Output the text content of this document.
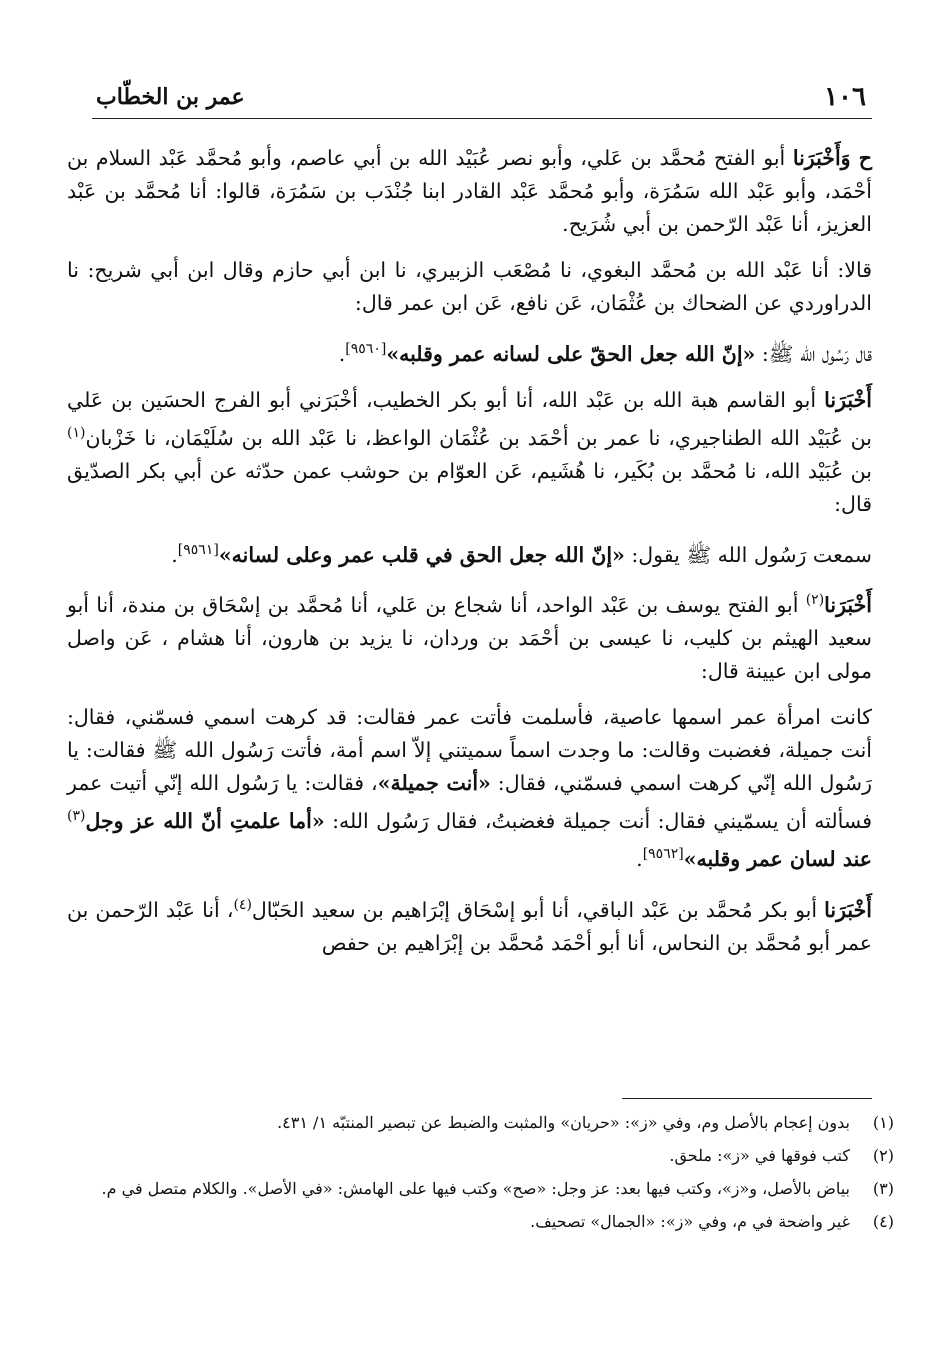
١٠٦
عمر بن الخطّاب

ح وَأَخْبَرَنا أبو الفتح مُحمَّد بن عَلي، وأبو نصر عُبَيْد الله بن أبي عاصم، وأبو مُحمَّد عَبْد السلام بن أحْمَد، وأبو عَبْد الله سَمُرَة، وأبو مُحمَّد عَبْد القادر ابنا جُنْدَب بن سَمُرَة، قالوا: أنا مُحمَّد بن عَبْد العزيز، أنا عَبْد الرّحمن بن أبي شُرَيح.

قالا: أنا عَبْد الله بن مُحمَّد البغوي، نا مُصْعَب الزبيري، نا ابن أبي حازم وقال ابن أبي شريح: نا الدراوردي عن الضحاك بن عُثْمَان، عَن نافع، عَن ابن عمر قال:

قال رَسُول الله ﷺ: «إنّ الله جعل الحقّ على لسانه عمر وقلبه»[٩٥٦٠].

أَخْبَرَنا أبو القاسم هبة الله بن عَبْد الله، أنا أبو بكر الخطيب، أخْبَرَني أبو الفرج الحسَين بن عَلي بن عُبَيْد الله الطناجيري، نا عمر بن أحْمَد بن عُثْمَان الواعظ، نا عَبْد الله بن سُلَيْمَان، نا خَزْبان$^{(١)}$ بن عُبَيْد الله، نا مُحمَّد بن بُكَير، نا هُشَيم، عَن العوّام بن حوشب عمن حدّثه عن أبي بكر الصدّيق قال:

سمعت رَسُول الله ﷺ يقول: «إنّ الله جعل الحق في قلب عمر وعلى لسانه»[٩٥٦١].

أَخْبَرَنا$^{(٢)}$ أبو الفتح يوسف بن عَبْد الواحد، أنا شجاع بن عَلي، أنا مُحمَّد بن إسْحَاق بن مندة، أنا أبو سعيد الهيثم بن كليب، نا عيسى بن أحْمَد بن وردان، نا يزيد بن هارون، أنا هشام ، عَن واصل مولى ابن عيينة قال:

كانت امرأة عمر اسمها عاصية، فأسلمت فأتت عمر فقالت: قد كرهت اسمي فسمّني، فقال: أنت جميلة، فغضبت وقالت: ما وجدت اسماً سميتني إلاّ اسم أمة، فأتت رَسُول الله ﷺ فقالت: يا رَسُول الله إنّي كرهت اسمي فسمّني، فقال: «أنت جميلة»، فقالت: يا رَسُول الله إنّي أتيت عمر فسألته أن يسمّيني فقال: أنت جميلة فغضبتُ، فقال رَسُول الله: «أما علمتِ أنّ الله عز وجل$^{(٣)}$ عند لسان عمر وقلبه»[٩٥٦٢].

أَخْبَرَنا أبو بكر مُحمَّد بن عَبْد الباقي، أنا أبو إسْحَاق إبْرَاهيم بن سعيد الحَبّال$^{(٤)}$، أنا عَبْد الرّحمن بن عمر أبو مُحمَّد بن النحاس، أنا أبو أحْمَد مُحمَّد بن إبْرَاهيم بن حفص

(١)
بدون إعجام بالأصل وم، وفي «ز»: «حريان» والمثبت والضبط عن تبصير المنتبّه ١/ ٤٣١.

(٢)
كتب فوقها في «ز»: ملحق.

(٣)
بياض بالأصل، و«ز»، وكتب فيها بعد: عز وجل: «صح» وكتب فيها على الهامش: «في الأصل». والكلام متصل في م.

(٤)
غير واضحة في م، وفي «ز»: «الجمال» تصحيف.
